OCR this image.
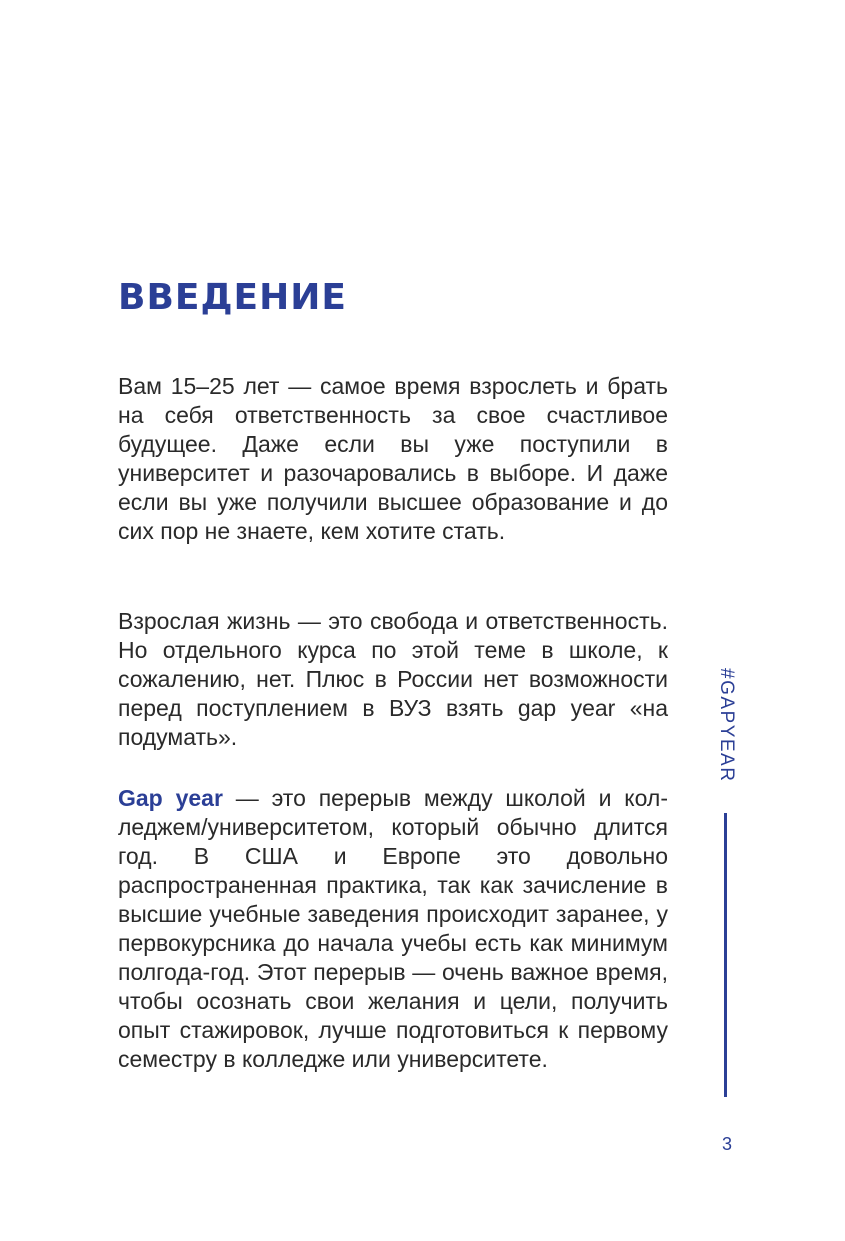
ВВЕДЕНИЕ

Вам 15–25 лет — самое время взрослеть и брать на себя ответственность за свое счастливое будущее. Даже если вы уже поступили в университет и разочаровались в выборе. И даже если вы уже получили высшее образование и до сих пор не знаете, кем хотите стать.

Взрослая жизнь — это свобода и ответственность. Но отдельного курса по этой теме в школе, к сожалению, нет. Плюс в России нет возможности перед поступлением в ВУЗ взять gap year «на подумать».

Gap year — это перерыв между школой и колледжем/университетом, который обычно длится год. В США и Европе это довольно распространенная практика, так как зачисление в высшие учебные заведения происходит заранее, у первокурсника до начала учебы есть как минимум полгода-год. Этот перерыв — очень важное время, чтобы осознать свои желания и цели, получить опыт стажировок, лучше подготовиться к первому семестру в колледже или университете.

#GAPYEAR
3
